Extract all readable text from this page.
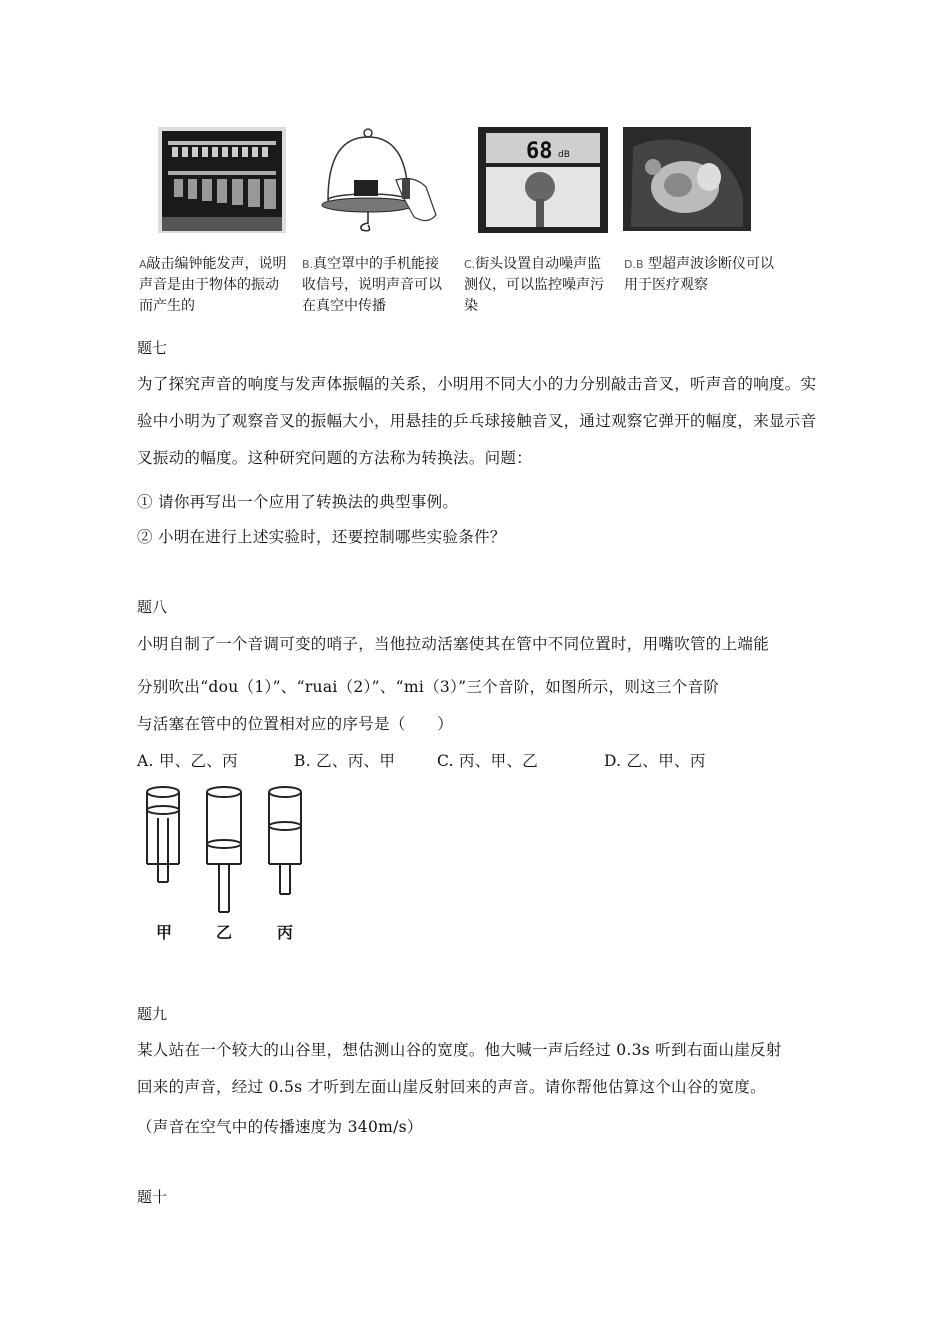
68 dB
A敲击编钟能发声，说明声音是由于物体的振动而产生的
B.真空罩中的手机能接收信号，说明声音可以在真空中传播
C.街头设置自动噪声监测仪，可以监控噪声污染
D.B 型超声波诊断仪可以用于医疗观察
题七
为了探究声音的响度与发声体振幅的关系，小明用不同大小的力分别敲击音叉，听声音的响度。实验中小明为了观察音叉的振幅大小，用悬挂的乒乓球接触音叉，通过观察它弹开的幅度，来显示音叉振动的幅度。这种研究问题的方法称为转换法。问题：
① 请你再写出一个应用了转换法的典型事例。
② 小明在进行上述实验时，还要控制哪些实验条件？
题八
小明自制了一个音调可变的哨子，当他拉动活塞使其在管中不同位置时，用嘴吹管的上端能
分别吹出“dou（1）”、“ruai（2）”、“mi（3）”三个音阶，如图所示，则这三个音阶
与活塞在管中的位置相对应的序号是（　　）
A. 甲、乙、丙	B. 乙、丙、甲	C. 丙、甲、乙	D. 乙、甲、丙
甲	乙	丙
题九
某人站在一个较大的山谷里，想估测山谷的宽度。他大喊一声后经过 0.3s 听到右面山崖反射
回来的声音，经过 0.5s 才听到左面山崖反射回来的声音。请你帮他估算这个山谷的宽度。
（声音在空气中的传播速度为 340m/s）
题十
